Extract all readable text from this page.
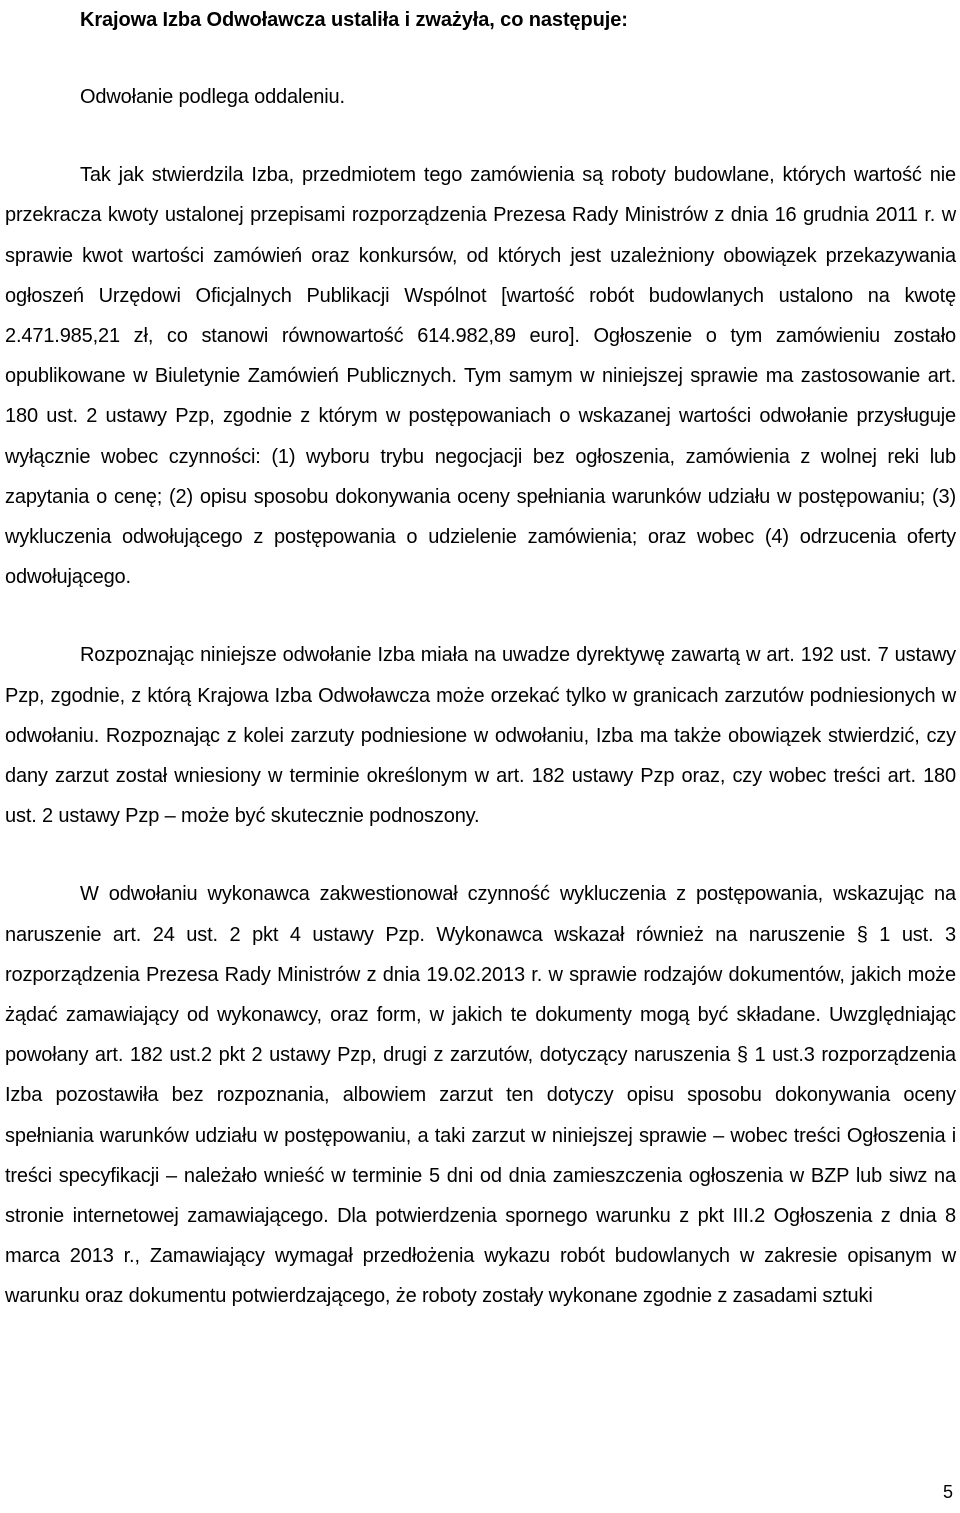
Krajowa Izba Odwoławcza ustaliła i zważyła, co następuje:

Odwołanie podlega oddaleniu.

Tak jak stwierdzila Izba, przedmiotem tego zamówienia są roboty budowlane, których wartość nie przekracza kwoty ustalonej przepisami rozporządzenia Prezesa Rady Ministrów z dnia 16 grudnia 2011 r. w sprawie kwot wartości zamówień oraz konkursów, od których jest uzależniony obowiązek przekazywania ogłoszeń Urzędowi Oficjalnych Publikacji Wspólnot [wartość robót budowlanych ustalono na kwotę 2.471.985,21 zł, co stanowi równowartość 614.982,89 euro]. Ogłoszenie o tym zamówieniu zostało opublikowane w Biuletynie Zamówień Publicznych. Tym samym w niniejszej sprawie ma zastosowanie art. 180 ust. 2 ustawy Pzp, zgodnie z którym w postępowaniach o wskazanej wartości odwołanie przysługuje wyłącznie wobec czynności: (1) wyboru trybu negocjacji bez ogłoszenia, zamówienia z wolnej reki lub zapytania o cenę; (2) opisu sposobu dokonywania oceny spełniania warunków udziału w postępowaniu; (3) wykluczenia odwołującego z postępowania o udzielenie zamówienia; oraz wobec (4) odrzucenia oferty odwołującego.

Rozpoznając niniejsze odwołanie Izba miała na uwadze dyrektywę zawartą w art. 192 ust. 7 ustawy Pzp, zgodnie, z którą Krajowa Izba Odwoławcza może orzekać tylko w granicach zarzutów podniesionych w odwołaniu. Rozpoznając z kolei zarzuty podniesione w odwołaniu, Izba ma także obowiązek stwierdzić, czy dany zarzut został wniesiony w terminie określonym w art. 182 ustawy Pzp oraz, czy wobec treści art. 180 ust. 2 ustawy Pzp – może być skutecznie podnoszony.

W odwołaniu wykonawca zakwestionował czynność wykluczenia z postępowania, wskazując na naruszenie art. 24 ust. 2 pkt 4 ustawy Pzp. Wykonawca wskazał również na naruszenie § 1 ust. 3 rozporządzenia Prezesa Rady Ministrów z dnia 19.02.2013 r. w sprawie rodzajów dokumentów, jakich może żądać zamawiający od wykonawcy, oraz form, w jakich te dokumenty mogą być składane. Uwzględniając powołany art. 182 ust.2 pkt 2 ustawy Pzp, drugi z zarzutów, dotyczący naruszenia § 1 ust.3 rozporządzenia Izba pozostawiła bez rozpoznania, albowiem zarzut ten dotyczy opisu sposobu dokonywania oceny spełniania warunków udziału w postępowaniu, a taki zarzut w niniejszej sprawie – wobec treści Ogłoszenia i treści specyfikacji – należało wnieść w terminie 5 dni od dnia zamieszczenia ogłoszenia w BZP lub siwz na stronie internetowej zamawiającego. Dla potwierdzenia spornego warunku z pkt III.2 Ogłoszenia z dnia 8 marca 2013 r., Zamawiający wymagał przedłożenia wykazu robót budowlanych w zakresie opisanym w warunku oraz dokumentu potwierdzającego, że roboty zostały wykonane zgodnie z zasadami sztuki

5
